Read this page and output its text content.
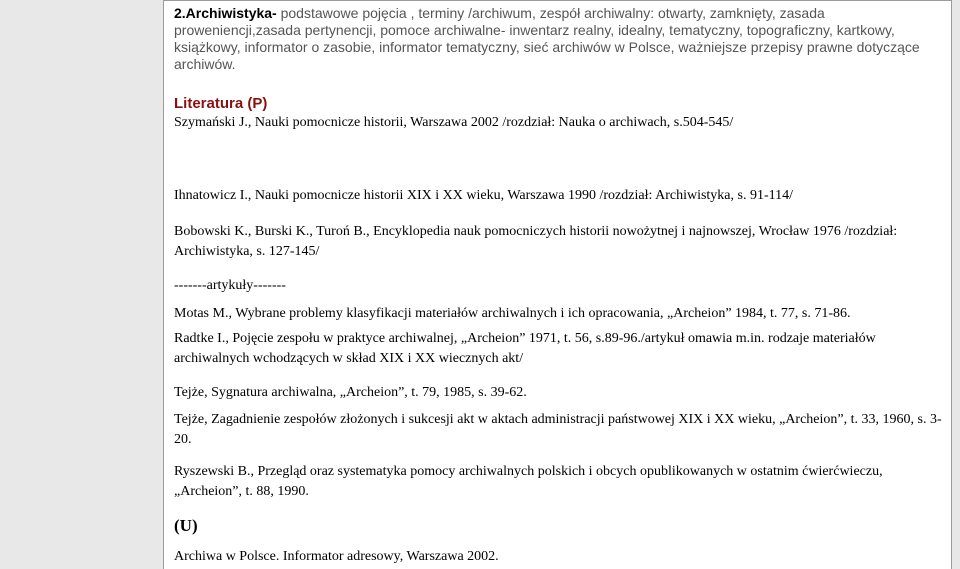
2.Archiwistyka- podstawowe pojęcia , terminy /archiwum, zespół archiwalny: otwarty, zamknięty, zasada proweniencji,zasada pertynencji, pomoce archiwalne- inwentarz realny, idealny, tematyczny, topograficzny, kartkowy, książkowy, informator o zasobie, informator tematyczny, sieć archiwów w Polsce, ważniejsze przepisy prawne dotyczące archiwów.

Literatura (P)

Szymański J., Nauki pomocnicze historii, Warszawa 2002 /rozdział: Nauka o archiwach, s.504-545/

Ihnatowicz I., Nauki pomocnicze historii XIX i XX wieku, Warszawa 1990 /rozdział: Archiwistyka, s. 91-114/

Bobowski K., Burski K., Turoń B., Encyklopedia nauk pomocniczych historii nowożytnej i najnowszej, Wrocław 1976 /rozdział: Archiwistyka, s. 127-145/

-------artykuły-------

Motas M., Wybrane problemy klasyfikacji materiałów archiwalnych i ich opracowania, „Archeion” 1984, t. 77, s. 71-86.

Radtke I., Pojęcie zespołu w praktyce archiwalnej, „Archeion” 1971, t. 56, s.89-96./artykuł omawia m.in. rodzaje materiałów archiwalnych wchodzących w skład XIX i XX wiecznych akt/

Tejże, Sygnatura archiwalna, „Archeion”, t. 79, 1985, s. 39-62.

Tejże, Zagadnienie zespołów złożonych i sukcesji akt w aktach administracji państwowej XIX i XX wieku, „Archeion”, t. 33, 1960, s. 3-20.

Ryszewski B., Przegląd oraz systematyka pomocy archiwalnych polskich i obcych opublikowanych w ostatnim ćwierćwieczu, „Archeion”, t. 88, 1990.

(U)

Archiwa w Polsce. Informator adresowy, Warszawa 2002.
